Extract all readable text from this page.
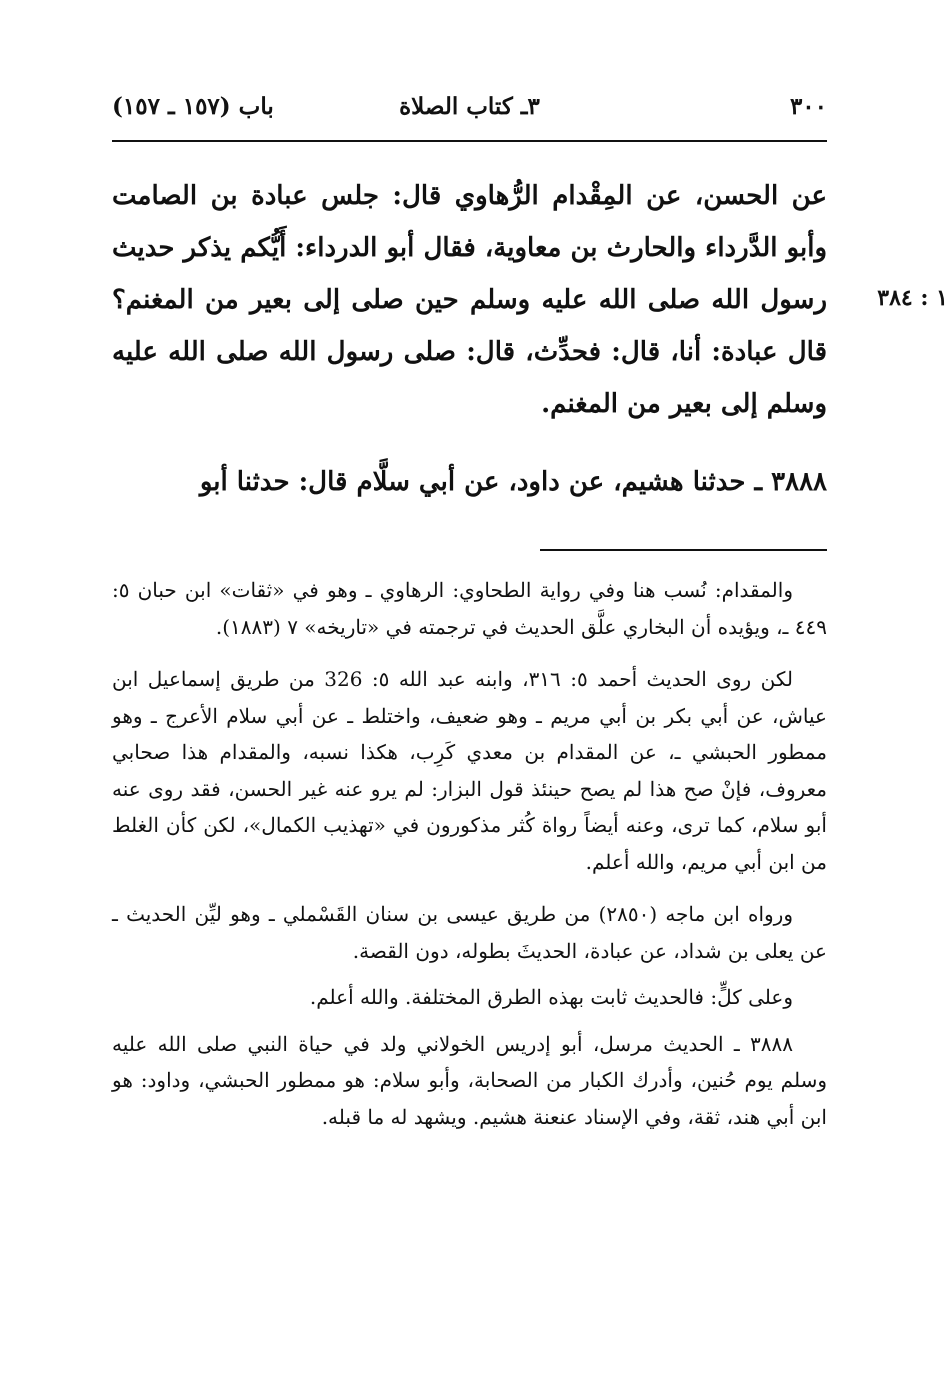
٣٠٠
٣ـ كتاب الصلاة
باب (١٥٧ ـ ١٥٧)
١ : ٣٨٤

عن الحسن، عن المِقْدام الرُّهاوي قال: جلس عبادة بن الصامت وأبو الدَّرداء والحارث بن معاوية، فقال أبو الدرداء: أَيُّكم يذكر حديث رسول الله صلى الله عليه وسلم حين صلى إلى بعير من المغنم؟ قال عبادة: أنا، قال: فحدِّث، قال: صلى رسول الله صلى الله عليه وسلم إلى بعير من المغنم.

٣٨٨٨ ـ حدثنا هشيم، عن داود، عن أبي سلَّام قال: حدثنا أبو

والمقدام: نُسب هنا وفي رواية الطحاوي: الرهاوي ـ وهو في «ثقات» ابن حبان ٥: ٤٤٩ ـ، ويؤيده أن البخاري علَّق الحديث في ترجمته في «تاريخه» ٧ (١٨٨٣).

لكن روى الحديث أحمد ٥: ٣١٦، وابنه عبد الله ٥: 326 من طريق إسماعيل ابن عياش، عن أبي بكر بن أبي مريم ـ وهو ضعيف، واختلط ـ عن أبي سلام الأعرج ـ وهو ممطور الحبشي ـ، عن المقدام بن معدي كَرِب، هكذا نسبه، والمقدام هذا صحابي معروف، فإنْ صح هذا لم يصح حينئذ قول البزار: لم يرو عنه غير الحسن، فقد روى عنه أبو سلام، كما ترى، وعنه أيضاً رواة كُثر مذكورون في «تهذيب الكمال»، لكن كأن الغلط من ابن أبي مريم، والله أعلم.

ورواه ابن ماجه (٢٨٥٠) من طريق عيسى بن سنان القَسْملي ـ وهو ليِّن الحديث ـ عن يعلى بن شداد، عن عبادة، الحديثَ بطوله، دون القصة.

وعلى كلٍّ: فالحديث ثابت بهذه الطرق المختلفة. والله أعلم.

٣٨٨٨ ـ الحديث مرسل، أبو إدريس الخولاني ولد في حياة النبي صلى الله عليه وسلم يوم حُنين، وأدرك الكبار من الصحابة، وأبو سلام: هو ممطور الحبشي، وداود: هو ابن أبي هند، ثقة، وفي الإسناد عنعنة هشيم. ويشهد له ما قبله.
